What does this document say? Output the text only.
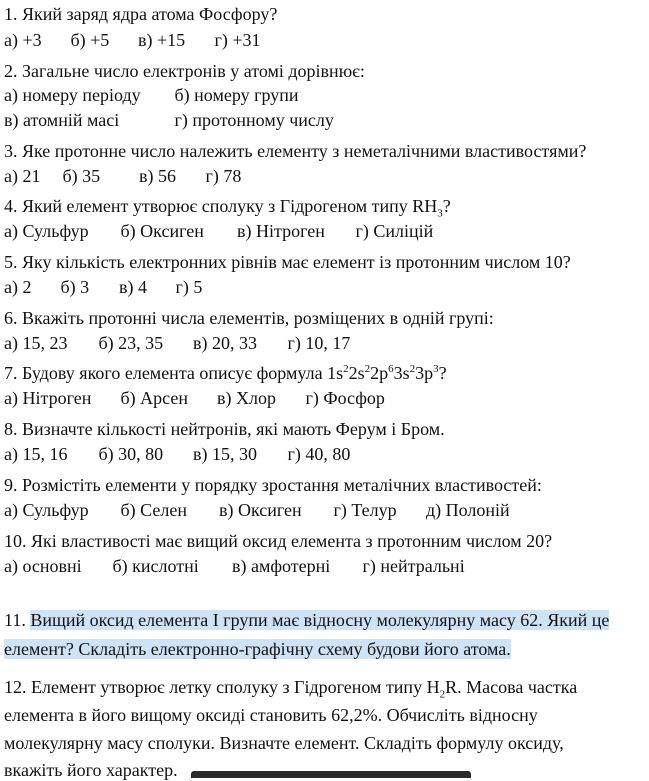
1. Який заряд ядра атома Фосфору?
а) +3 б) +5 в) +15 г) +31
2. Загальне число електронів у атомі дорівнює:
а) номеру періоду б) номеру групи
в) атомній масі	г) протонному числу
3. Яке протонне число належить елементу з неметалічними властивостями?
а) 21 б) 35 в) 56 г) 78
4. Який елемент утворює сполуку з Гідрогеном типу $RH_3$?
а) Сульфур б) Оксиген в) Нітроген г) Силіцій
5. Яку кількість електронних рівнів має елемент із протонним числом 10?
а) 2 б) 3 в) 4 г) 5
6. Вкажіть протонні числа елементів, розміщених в одній групі:
а) 15, 23 б) 23, 35 в) 20, 33 г) 10, 17
7. Будову якого елемента описує формула $1s^22s^22p^63s^23p^3$?
а) Нітроген б) Арсен в) Хлор г) Фосфор
8. Визначте кількості нейтронів, які мають Ферум і Бром.
а) 15, 16 б) 30, 80 в) 15, 30 г) 40, 80
9. Розмістіть елементи у порядку зростання металічних властивостей:
а) Сульфур б) Селен в) Оксиген г) Телур д) Полоній
10. Які властивості має вищий оксид елемента з протонним числом 20?
а) основні б) кислотні в) амфотерні г) нейтральні
11. Вищий оксид елемента І групи має відносну молекулярну масу 62. Який це
елемент? Складіть електронно-графічну схему будови його атома.
12. Елемент утворює летку сполуку з Гідрогеном типу $H_2R$. Масова частка
елемента в його вищому оксиді становить 62,2%. Обчисліть відносну
молекулярну масу сполуки. Визначте елемент. Складіть формулу оксиду,
вкажіть його характер.
